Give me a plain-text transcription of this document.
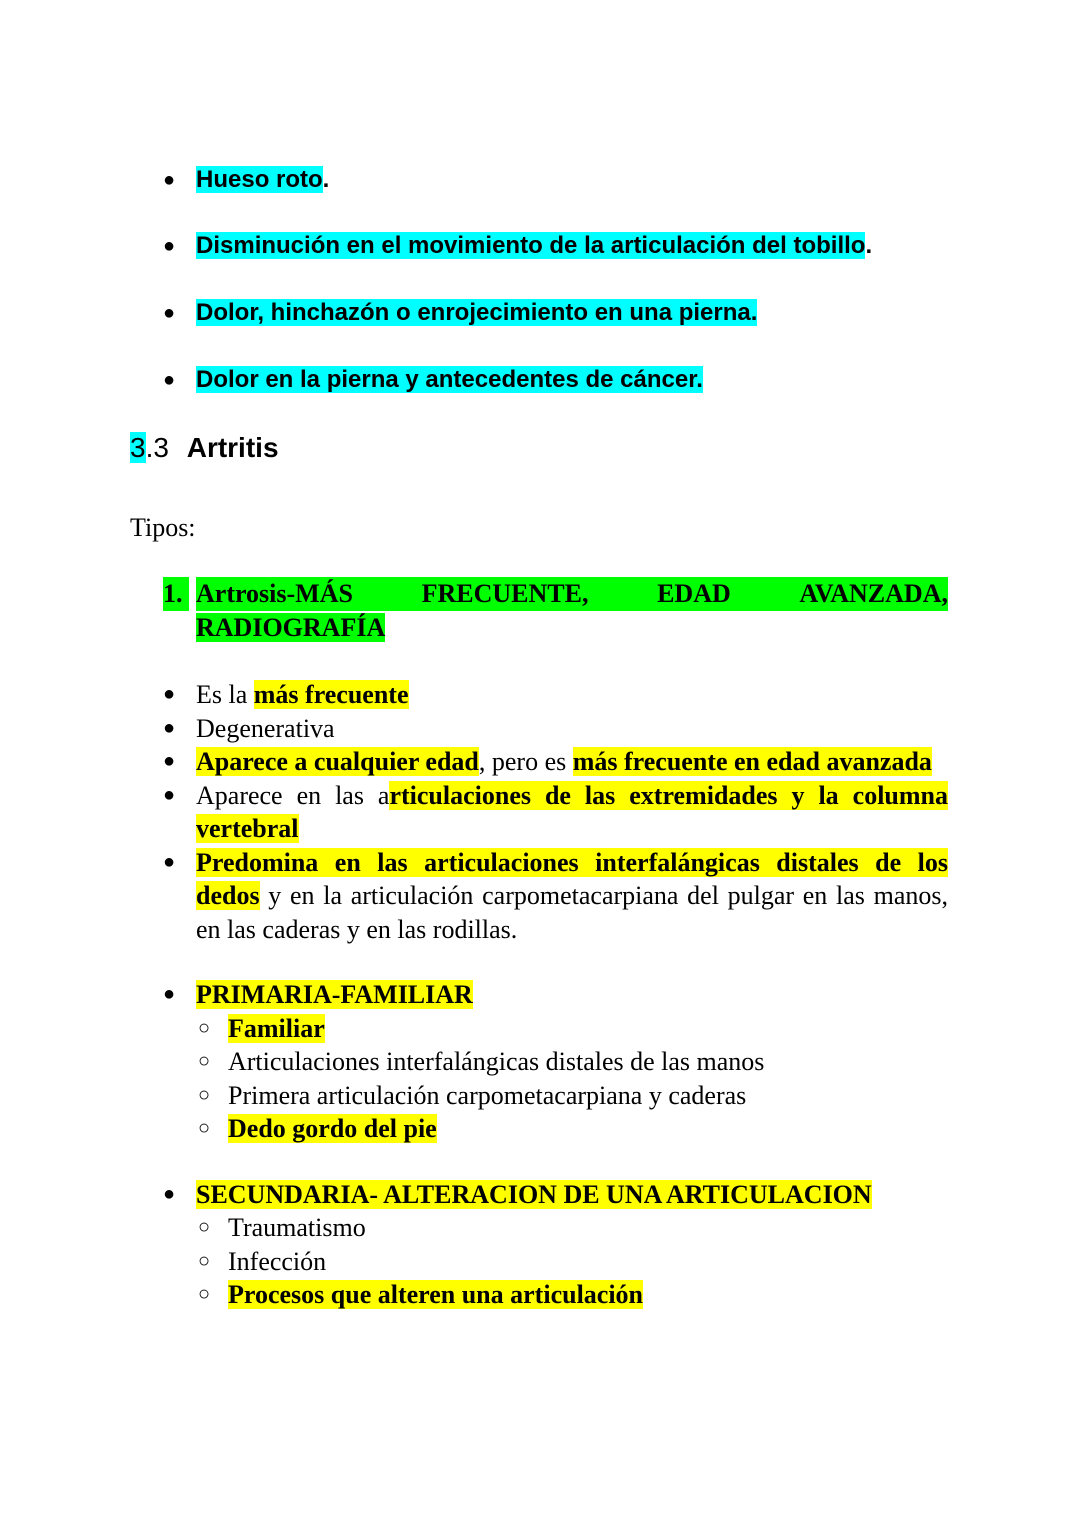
● Hueso roto.
● Disminución en el movimiento de la articulación del tobillo.
● Dolor, hinchazón o enrojecimiento en una pierna.
● Dolor en la pierna y antecedentes de cáncer.
3.3 Artritis
Tipos:
1. Artrosis-MÁS	FRECUENTE,	EDAD	AVANZADA,
RADIOGRAFÍA
● Es la más frecuente
● Degenerativa
● Aparece a cualquier edad, pero es más frecuente en edad avanzada
● Aparece en las articulaciones de las extremidades y la columna vertebral
● Predomina en las articulaciones interfalángicas distales de los dedos y en la articulación carpometacarpiana del pulgar en las manos, en las caderas y en las rodillas.
● PRIMARIA-FAMILIAR
○ Familiar
○ Articulaciones interfalángicas distales de las manos
○ Primera articulación carpometacarpiana y caderas
○ Dedo gordo del pie
● SECUNDARIA- ALTERACION DE UNA ARTICULACION
○ Traumatismo
○ Infección
○ Procesos que alteren una articulación
